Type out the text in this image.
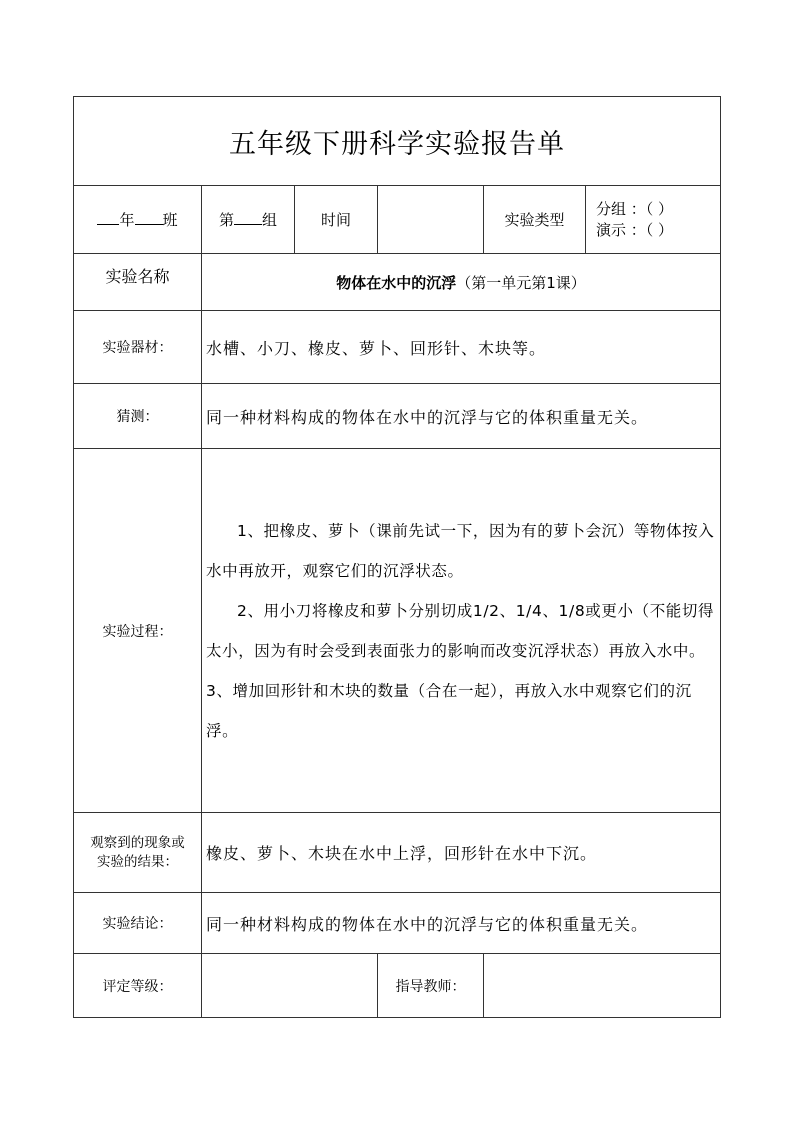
五年级下册科学实验报告单					
年 班	第 组	时间		实验类型	分组 ：（ ）
演示 ：（ ）

实验名称	物体在水中的沉浮（第一单元第1课）				
实验器材：	水槽、小刀、橡皮、萝卜、回形针、木块等。				
猜测：	同一种材料构成的物体在水中的沉浮与它的体积重量无关。				
实验过程：	1、把橡皮、萝卜（课前先试一下，因为有的萝卜会沉）等物体按入水中再放开，观察它们的沉浮状态。

2、用小刀将橡皮和萝卜分别切成1/2、1/4、1/8或更小（不能切得太小，因为有时会受到表面张力的影响而改变沉浮状态）再放入水中。

3、增加回形针和木块的数量（合在一起），再放入水中观察它们的沉浮。				

观察到的现象或
实验的结果：	橡皮、萝卜、木块在水中上浮，回形针在水中下沉。				
实验结论：	同一种材料构成的物体在水中的沉浮与它的体积重量无关。				
评定等级：			指导教师：		
